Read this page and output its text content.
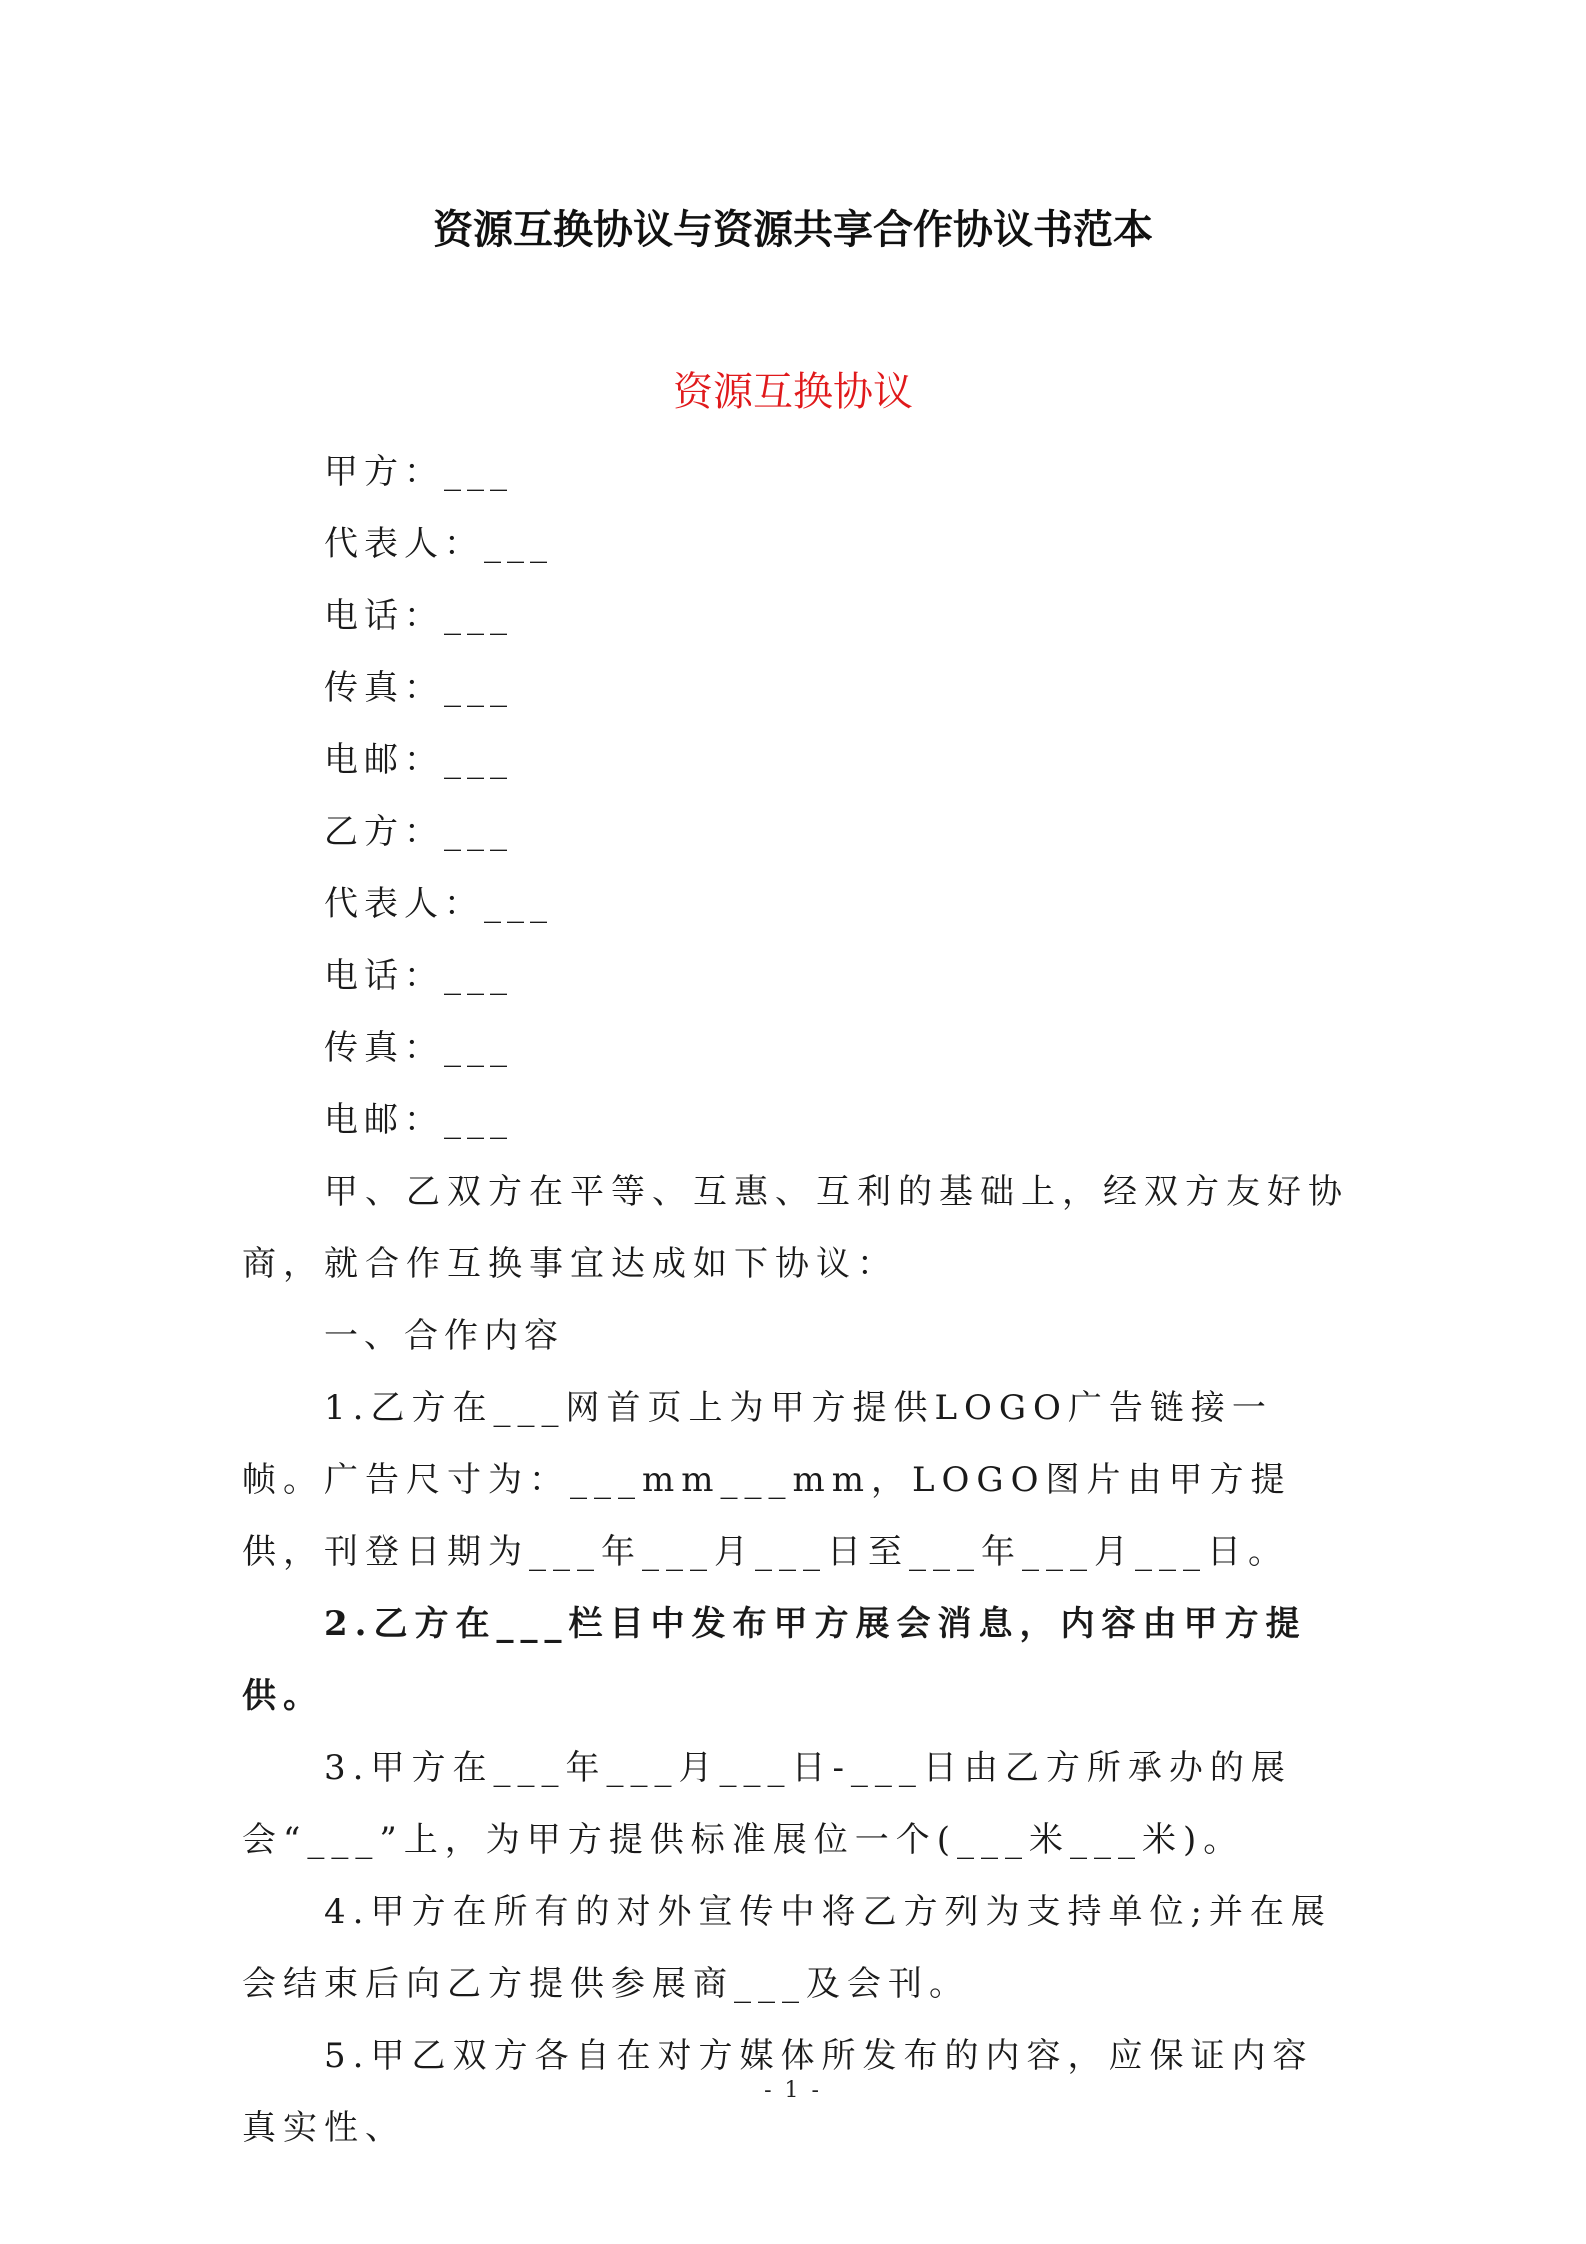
资源互换协议与资源共享合作协议书范本
资源互换协议
甲方：___
代表人：___
电话：___
传真：___
电邮：___
乙方：___
代表人：___
电话：___
传真：___
电邮：___
甲、乙双方在平等、互惠、互利的基础上，经双方友好协商，就合作互换事宜达成如下协议：
一、合作内容
1.乙方在___网首页上为甲方提供LOGO广告链接一帧。广告尺寸为：___mm___mm，LOGO图片由甲方提供，刊登日期为___年___月___日至___年___月___日。
2.乙方在___栏目中发布甲方展会消息，内容由甲方提供。
3.甲方在___年___月___日-___日由乙方所承办的展会“___”上，为甲方提供标准展位一个(___米___米)。
4.甲方在所有的对外宣传中将乙方列为支持单位;并在展会结束后向乙方提供参展商___及会刊。
5.甲乙双方各自在对方媒体所发布的内容，应保证内容真实性、
- 1 -
